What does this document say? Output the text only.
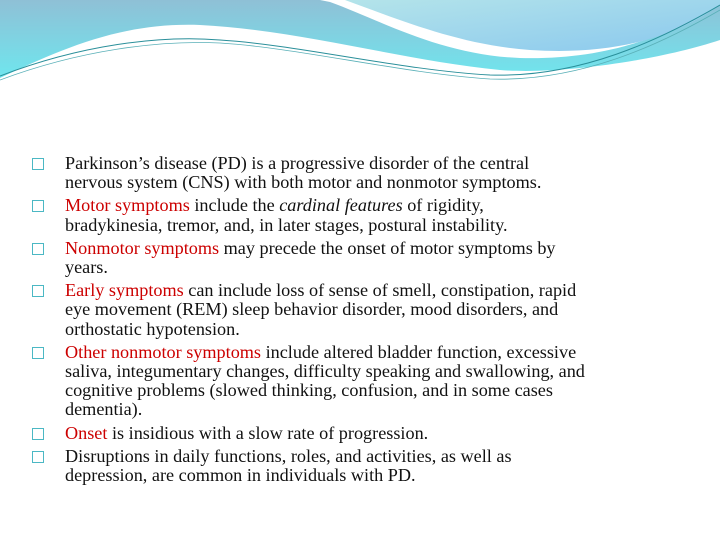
Parkinson’s disease (PD) is a progressive disorder of the central
nervous system (CNS) with both motor and nonmotor symptoms.
Motor symptoms include the cardinal features of rigidity,
bradykinesia, tremor, and, in later stages, postural instability.
Nonmotor symptoms may precede the onset of motor symptoms by
years.
Early symptoms can include loss of sense of smell, constipation, rapid
eye movement (REM) sleep behavior disorder, mood disorders, and
orthostatic hypotension.
Other nonmotor symptoms include altered bladder function, excessive
saliva, integumentary changes, difficulty speaking and swallowing, and
cognitive problems (slowed thinking, confusion, and in some cases
dementia).
Onset is insidious with a slow rate of progression.
Disruptions in daily functions, roles, and activities, as well as
depression, are common in individuals with PD.
